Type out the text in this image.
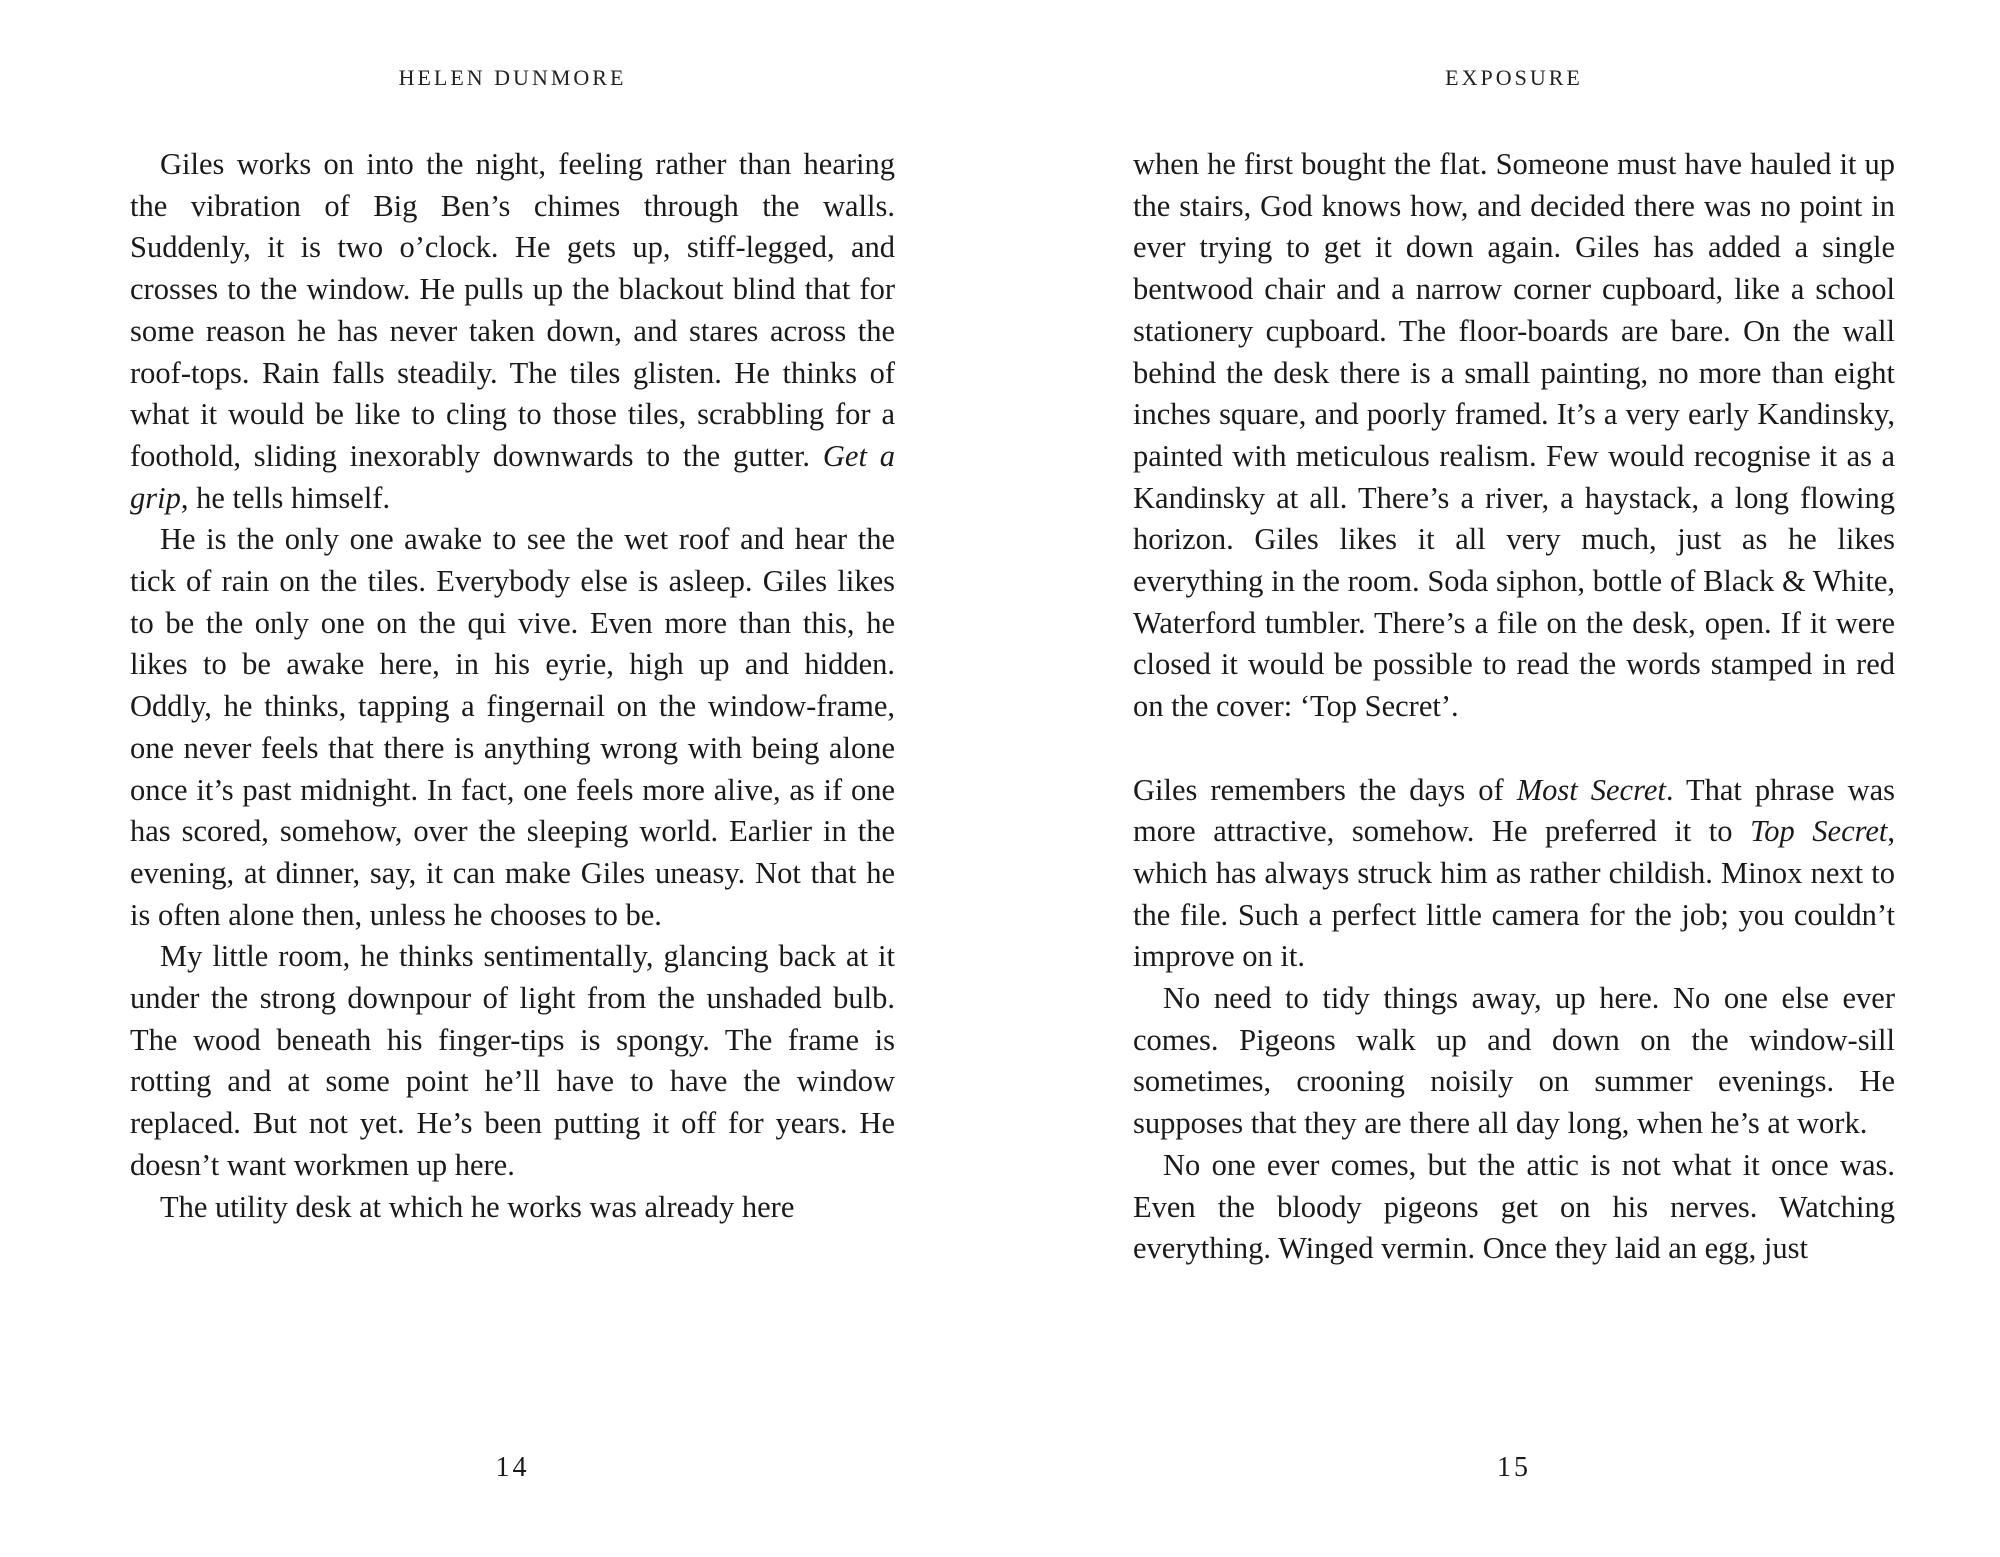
HELEN DUNMORE

Giles works on into the night, feeling rather than hearing the vibration of Big Ben’s chimes through the walls. Suddenly, it is two o’clock. He gets up, stiff-legged, and crosses to the window. He pulls up the blackout blind that for some reason he has never taken down, and stares across the roof-tops. Rain falls steadily. The tiles glisten. He thinks of what it would be like to cling to those tiles, scrabbling for a foothold, sliding inexorably downwards to the gutter. Get a grip, he tells himself.

He is the only one awake to see the wet roof and hear the tick of rain on the tiles. Everybody else is asleep. Giles likes to be the only one on the qui vive. Even more than this, he likes to be awake here, in his eyrie, high up and hidden. Oddly, he thinks, tapping a fingernail on the window-frame, one never feels that there is anything wrong with being alone once it’s past midnight. In fact, one feels more alive, as if one has scored, somehow, over the sleeping world. Earlier in the evening, at dinner, say, it can make Giles uneasy. Not that he is often alone then, unless he chooses to be.

My little room, he thinks sentimentally, glancing back at it under the strong downpour of light from the unshaded bulb. The wood beneath his finger-tips is spongy. The frame is rotting and at some point he’ll have to have the window replaced. But not yet. He’s been putting it off for years. He doesn’t want workmen up here.

The utility desk at which he works was already here

14
EXPOSURE

when he first bought the flat. Someone must have hauled it up the stairs, God knows how, and decided there was no point in ever trying to get it down again. Giles has added a single bentwood chair and a narrow corner cupboard, like a school stationery cupboard. The floor-boards are bare. On the wall behind the desk there is a small painting, no more than eight inches square, and poorly framed. It’s a very early Kandinsky, painted with meticulous realism. Few would recognise it as a Kandinsky at all. There’s a river, a haystack, a long flowing horizon. Giles likes it all very much, just as he likes everything in the room. Soda siphon, bottle of Black & White, Waterford tumbler. There’s a file on the desk, open. If it were closed it would be possible to read the words stamped in red on the cover: ‘Top Secret’.

Giles remembers the days of Most Secret. That phrase was more attractive, somehow. He preferred it to Top Secret, which has always struck him as rather childish. Minox next to the file. Such a perfect little camera for the job; you couldn’t improve on it.

No need to tidy things away, up here. No one else ever comes. Pigeons walk up and down on the window-sill sometimes, crooning noisily on summer evenings. He supposes that they are there all day long, when he’s at work.

No one ever comes, but the attic is not what it once was. Even the bloody pigeons get on his nerves. Watching everything. Winged vermin. Once they laid an egg, just

15
